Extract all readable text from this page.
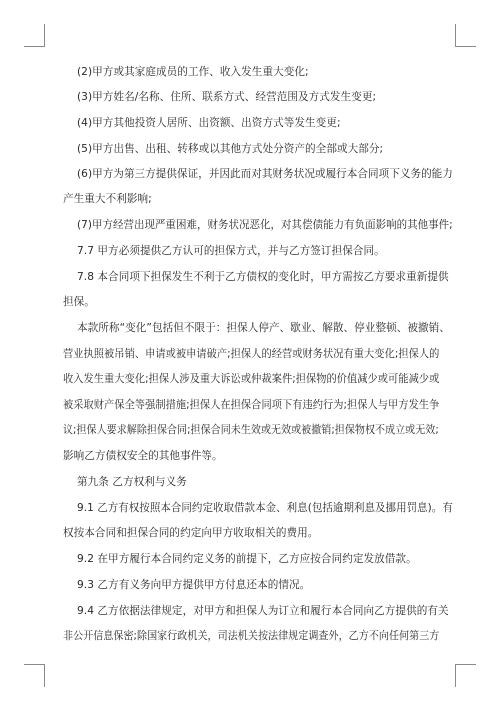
(2)甲方或其家庭成员的工作、收入发生重大变化;
(3)甲方姓名/名称、住所、联系方式、经营范围及方式发生变更;
(4)甲方其他投资人居所、出资额、出资方式等发生变更;
(5)甲方出售、出租、转移或以其他方式处分资产的全部或大部分;
(6)甲方为第三方提供保证，并因此而对其财务状况或履行本合同项下义务的能力
产生重大不利影响;
(7)甲方经营出现严重困难，财务状况恶化，对其偿债能力有负面影响的其他事件;
7.7 甲方必须提供乙方认可的担保方式，并与乙方签订担保合同。
7.8 本合同项下担保发生不利于乙方债权的变化时，甲方需按乙方要求重新提供
担保。
本款所称“变化”包括但不限于：担保人停产、歇业、解散、停业整顿、被撤销、
营业执照被吊销、申请或被申请破产;担保人的经营或财务状况有重大变化;担保人的
收入发生重大变化;担保人涉及重大诉讼或仲裁案件;担保物的价值减少或可能减少或
被采取财产保全等强制措施;担保人在担保合同项下有违约行为;担保人与甲方发生争
议;担保人要求解除担保合同;担保合同未生效或无效或被撤销;担保物权不成立或无效;
影响乙方债权安全的其他事件等。
第九条 乙方权利与义务
9.1 乙方有权按照本合同约定收取借款本金、利息(包括逾期利息及挪用罚息)。有
权按本合同和担保合同的约定向甲方收取相关的费用。
9.2 在甲方履行本合同约定义务的前提下，乙方应按合同约定发放借款。
9.3 乙方有义务向甲方提供甲方付息还本的情况。
9.4 乙方依据法律规定，对甲方和担保人为订立和履行本合同向乙方提供的有关
非公开信息保密;除国家行政机关，司法机关按法律规定调查外，乙方不向任何第三方
